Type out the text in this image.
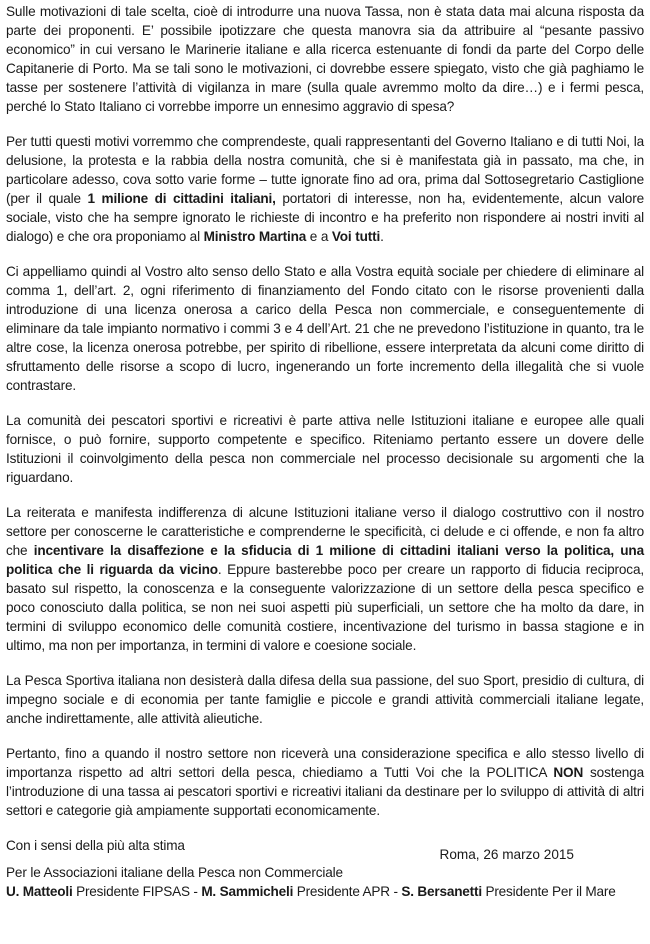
Sulle motivazioni di tale scelta, cioè di introdurre una nuova Tassa, non è stata data mai alcuna risposta da parte dei proponenti. E’ possibile ipotizzare che questa manovra sia da attribuire al “pesante passivo economico” in cui versano le Marinerie italiane e alla ricerca estenuante di fondi da parte del Corpo delle Capitanerie di Porto. Ma se tali sono le motivazioni, ci dovrebbe essere spiegato, visto che già paghiamo le tasse per sostenere l’attività di vigilanza in mare (sulla quale avremmo molto da dire…) e i fermi pesca, perché lo Stato Italiano ci vorrebbe imporre un ennesimo aggravio di spesa?

Per tutti questi motivi vorremmo che comprendeste, quali rappresentanti del Governo Italiano e di tutti Noi, la delusione, la protesta e la rabbia della nostra comunità, che si è manifestata già in passato, ma che, in particolare adesso, cova sotto varie forme – tutte ignorate fino ad ora, prima dal Sottosegretario Castiglione (per il quale 1 milione di cittadini italiani, portatori di interesse, non ha, evidentemente, alcun valore sociale, visto che ha sempre ignorato le richieste di incontro e ha preferito non rispondere ai nostri inviti al dialogo) e che ora proponiamo al Ministro Martina e a Voi tutti.

Ci appelliamo quindi al Vostro alto senso dello Stato e alla Vostra equità sociale per chiedere di eliminare al comma 1, dell’art. 2, ogni riferimento di finanziamento del Fondo citato con le risorse provenienti dalla introduzione di una licenza onerosa a carico della Pesca non commerciale, e conseguentemente di eliminare da tale impianto normativo i commi 3 e 4 dell’Art. 21 che ne prevedono l’istituzione in quanto, tra le altre cose, la licenza onerosa potrebbe, per spirito di ribellione, essere interpretata da alcuni come diritto di sfruttamento delle risorse a scopo di lucro, ingenerando un forte incremento della illegalità che si vuole contrastare.

La comunità dei pescatori sportivi e ricreativi è parte attiva nelle Istituzioni italiane e europee alle quali fornisce, o può fornire, supporto competente e specifico. Riteniamo pertanto essere un dovere delle Istituzioni il coinvolgimento della pesca non commerciale nel processo decisionale su argomenti che la riguardano.

La reiterata e manifesta indifferenza di alcune Istituzioni italiane verso il dialogo costruttivo con il nostro settore per conoscerne le caratteristiche e comprenderne le specificità, ci delude e ci offende, e non fa altro che incentivare la disaffezione e la sfiducia di 1 milione di cittadini italiani verso la politica, una politica che li riguarda da vicino. Eppure basterebbe poco per creare un rapporto di fiducia reciproca, basato sul rispetto, la conoscenza e la conseguente valorizzazione di un settore della pesca specifico e poco conosciuto dalla politica, se non nei suoi aspetti più superficiali, un settore che ha molto da dare, in termini di sviluppo economico delle comunità costiere, incentivazione del turismo in bassa stagione e in ultimo, ma non per importanza, in termini di valore e coesione sociale.

La Pesca Sportiva italiana non desisterà dalla difesa della sua passione, del suo Sport, presidio di cultura, di impegno sociale e di economia per tante famiglie e piccole e grandi attività commerciali italiane legate, anche indirettamente, alle attività alieutiche.

Pertanto, fino a quando il nostro settore non riceverà una considerazione specifica e allo stesso livello di importanza rispetto ad altri settori della pesca, chiediamo a Tutti Voi che la POLITICA NON sostenga l’introduzione di una tassa ai pescatori sportivi e ricreativi italiani da destinare per lo sviluppo di attività di altri settori e categorie già ampiamente supportati economicamente.

Con i sensi della più alta stima

Roma, 26 marzo 2015

Per le Associazioni italiane della Pesca non Commerciale

U. Matteoli Presidente FIPSAS - M. Sammicheli Presidente APR - S. Bersanetti Presidente Per il Mare
